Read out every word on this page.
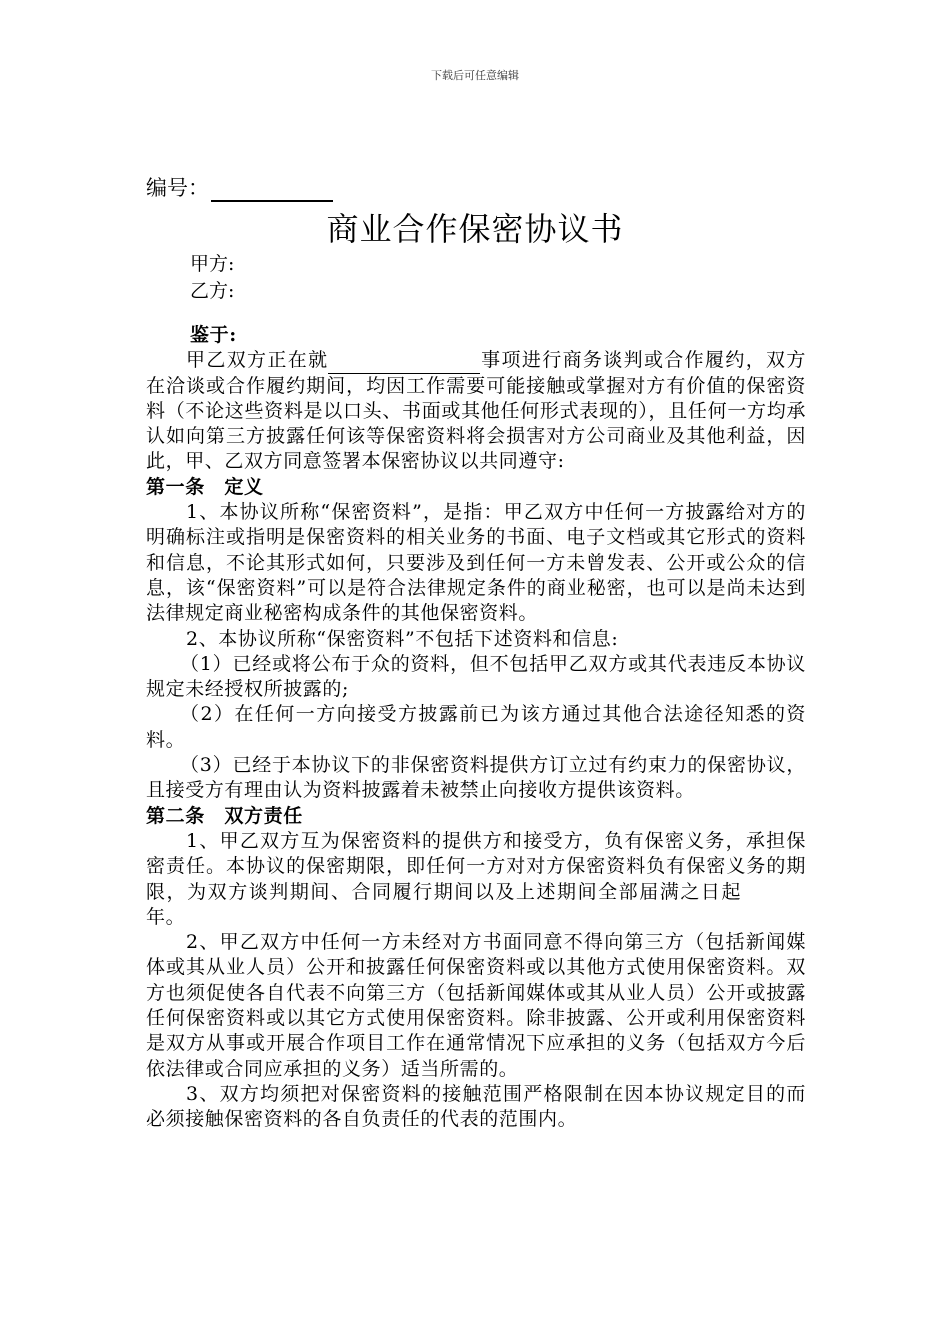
下载后可任意编辑
编号：
商业合作保密协议书
甲方:
乙方:

鉴于:

甲乙双方正在就	事项进行商务谈判或合作履约，双方在洽谈或合作履约期间，均因工作需要可能接触或掌握对方有价值的保密资料（不论这些资料是以口头、书面或其他任何形式表现的），且任何一方均承认如向第三方披露任何该等保密资料将会损害对方公司商业及其他利益，因此，甲、乙双方同意签署本保密协议以共同遵守:

第一条　定义

1、本协议所称“保密资料”，是指：甲乙双方中任何一方披露给对方的明确标注或指明是保密资料的相关业务的书面、电子文档或其它形式的资料和信息，不论其形式如何，只要涉及到任何一方未曾发表、公开或公众的信息，该“保密资料”可以是符合法律规定条件的商业秘密，也可以是尚未达到法律规定商业秘密构成条件的其他保密资料。

2、本协议所称“保密资料”不包括下述资料和信息:

（1）已经或将公布于众的资料，但不包括甲乙双方或其代表违反本协议规定未经授权所披露的;

（2）在任何一方向接受方披露前已为该方通过其他合法途径知悉的资料。

（3）已经于本协议下的非保密资料提供方订立过有约束力的保密协议，且接受方有理由认为资料披露着未被禁止向接收方提供该资料。

第二条　双方责任

1、甲乙双方互为保密资料的提供方和接受方，负有保密义务，承担保密责任。本协议的保密期限，即任何一方对对方保密资料负有保密义务的期限，为双方谈判期间、合同履行期间以及上述期间全部届满之日起年。

2、甲乙双方中任何一方未经对方书面同意不得向第三方（包括新闻媒体或其从业人员）公开和披露任何保密资料或以其他方式使用保密资料。双方也须促使各自代表不向第三方（包括新闻媒体或其从业人员）公开或披露任何保密资料或以其它方式使用保密资料。除非披露、公开或利用保密资料是双方从事或开展合作项目工作在通常情况下应承担的义务（包括双方今后依法律或合同应承担的义务）适当所需的。

3、双方均须把对保密资料的接触范围严格限制在因本协议规定目的而必须接触保密资料的各自负责任的代表的范围内。
